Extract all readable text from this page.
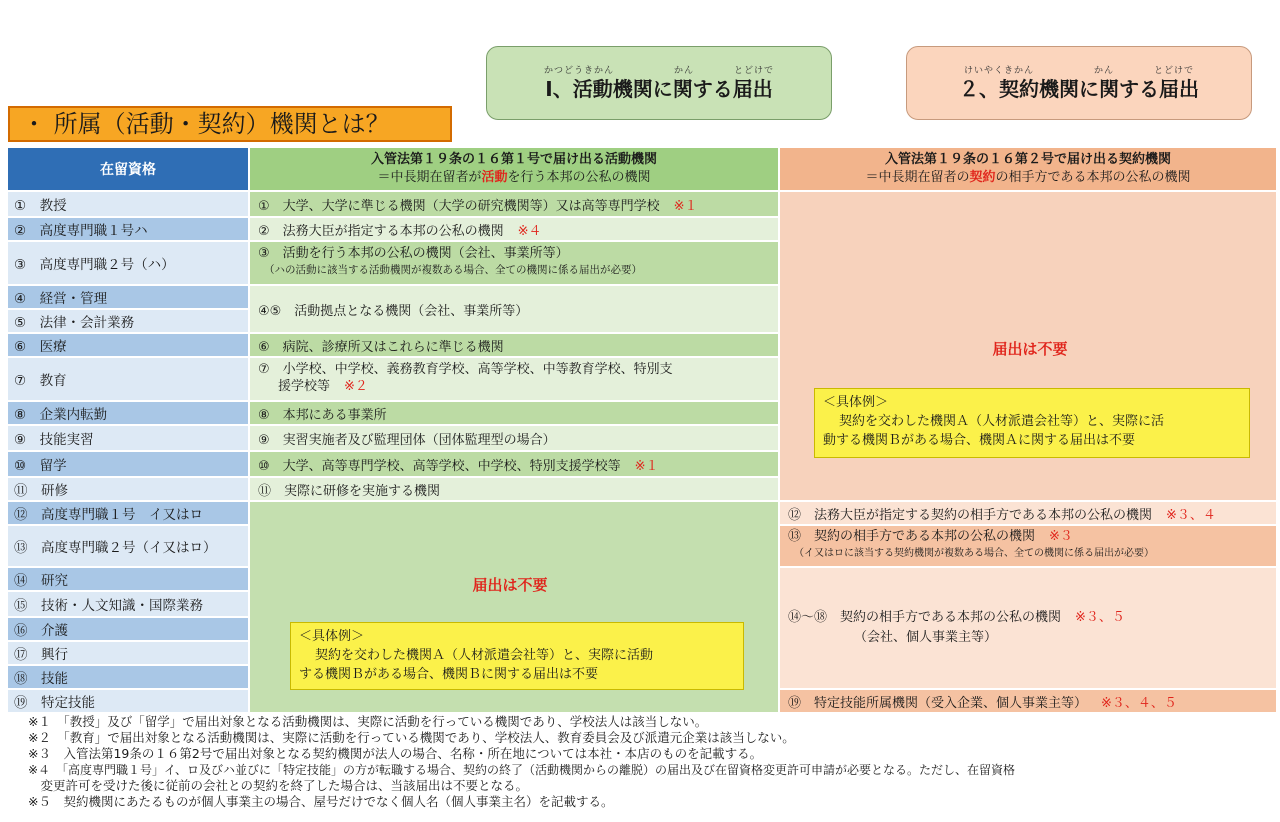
かつどうきかん　　　　　　かん　　　　とどけで
Ⅰ、活動機関に関する届出
けいやくきかん　　　　　　かん　　　　とどけで
２、契約機関に関する届出
・ 所属（活動・契約）機関とは？
在留資格
入管法第１９条の１６第１号で届け出る活動機関
＝中長期在留者が活動を行う本邦の公私の機関
入管法第１９条の１６第２号で届け出る契約機関
＝中長期在留者の契約の相手方である本邦の公私の機関
①　教授
②　高度専門職１号ハ
③　高度専門職２号（ハ）
④　経営・管理
⑤　法律・会計業務
⑥　医療
⑦　教育
⑧　企業内転勤
⑨　技能実習
⑩　留学
⑪　研修
⑫　高度専門職１号　イ又はロ
⑬　高度専門職２号（イ又はロ）
⑭　研究
⑮　技術・人文知識・国際業務
⑯　介護
⑰　興行
⑱　技能
⑲　特定技能
①　大学、大学に準じる機関（大学の研究機関等）又は高等専門学校 ※１
②　法務大臣が指定する本邦の公私の機関 ※４
③　活動を行う本邦の公私の機関（会社、事業所等）
（ハの活動に該当する活動機関が複数ある場合、全ての機関に係る届出が必要）
④⑤　活動拠点となる機関（会社、事業所等）
⑥　病院、診療所又はこれらに準じる機関
⑦　小学校、中学校、義務教育学校、高等学校、中等教育学校、特別支
援学校等 ※２
⑧　本邦にある事業所
⑨　実習実施者及び監理団体（団体監理型の場合）
⑩　大学、高等専門学校、高等学校、中学校、特別支援学校等 ※１
⑪　実際に研修を実施する機関
届出は不要
＜具体例＞
契約を交わした機関Ａ（人材派遣会社等）と、実際に活動
する機関Ｂがある場合、機関Ｂに関する届出は不要
届出は不要
＜具体例＞
契約を交わした機関Ａ（人材派遣会社等）と、実際に活
動する機関Ｂがある場合、機関Ａに関する届出は不要
⑫　法務大臣が指定する契約の相手方である本邦の公私の機関 ※３、４
⑬　契約の相手方である本邦の公私の機関 ※３
（イ又はロに該当する契約機関が複数ある場合、全ての機関に係る届出が必要）
⑭～⑱　契約の相手方である本邦の公私の機関 ※３、５
（会社、個人事業主等）
⑲　特定技能所属機関（受入企業、個人事業主等） ※３、４、５
※１　「教授」及び「留学」で届出対象となる活動機関は、実際に活動を行っている機関であり、学校法人は該当しない。
※２　「教育」で届出対象となる活動機関は、実際に活動を行っている機関であり、学校法人、教育委員会及び派遣元企業は該当しない。
※３　入管法第19条の１６第2号で届出対象となる契約機関が法人の場合、名称・所在地については本社・本店のものを記載する。
※４　「高度専門職１号」イ、ロ及びハ並びに「特定技能」の方が転職する場合、契約の終了（活動機関からの離脱）の届出及び在留資格変更許可申請が必要となる。ただし、在留資格
　変更許可を受けた後に従前の会社との契約を終了した場合は、当該届出は不要となる。
※５　契約機関にあたるものが個人事業主の場合、屋号だけでなく個人名（個人事業主名）を記載する。
